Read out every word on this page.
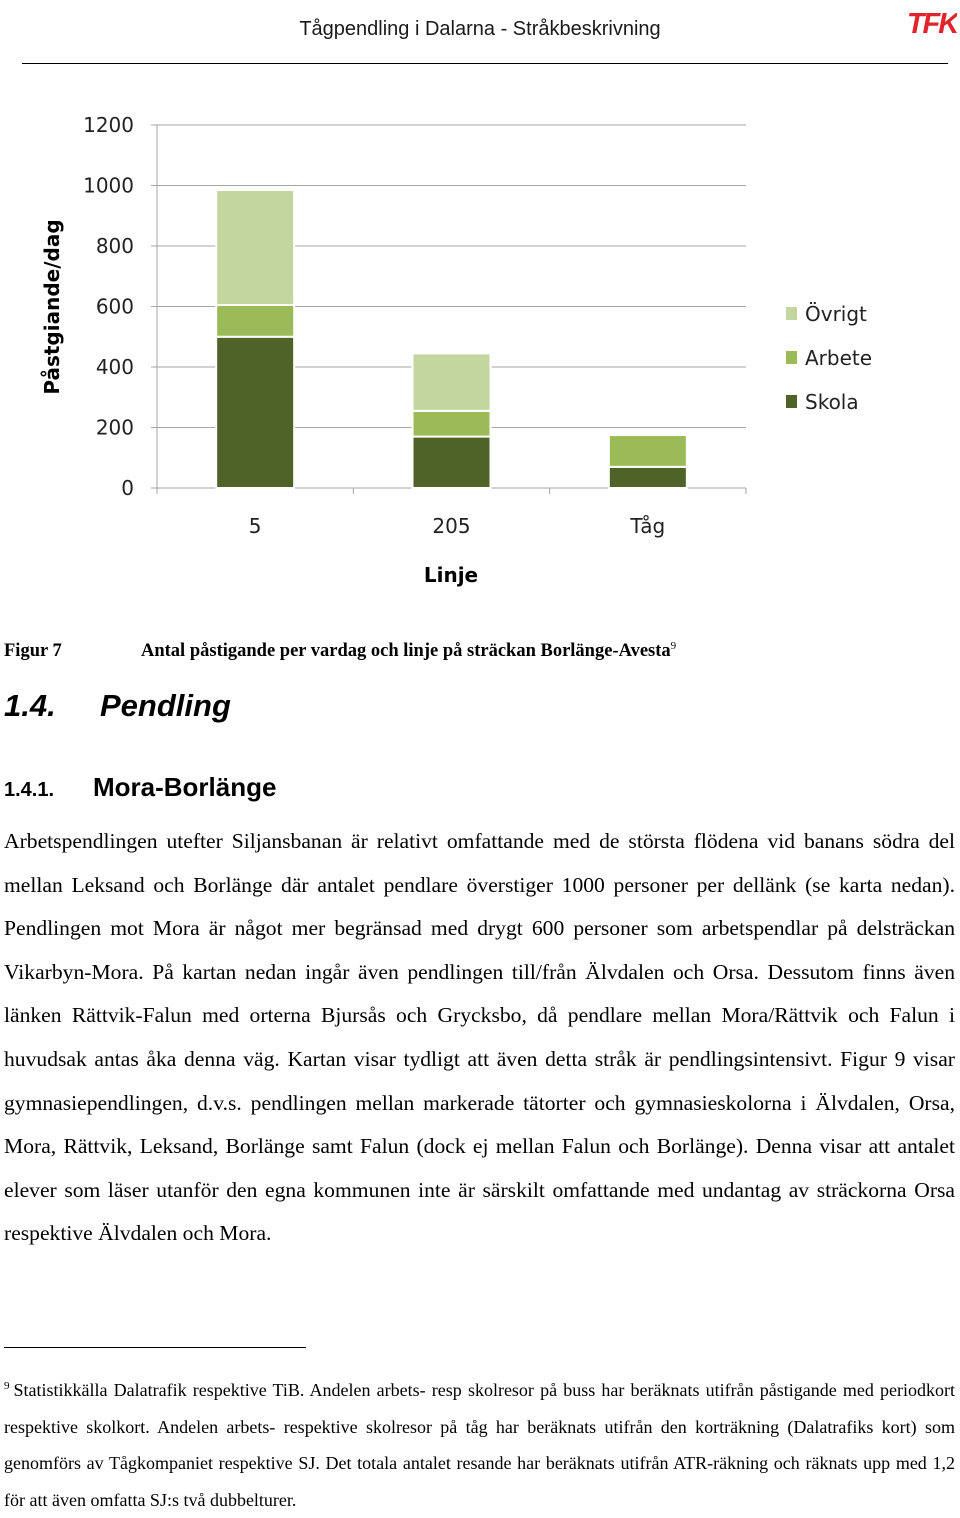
Tågpendling i Dalarna - Stråkbeskrivning	TFK
0
200
400
600
800
1000
1200
5	205	Tåg
Övrigt
Arbete
Skola
Påstgiande/dag
Linje
Figur 7	Antal påstigande per vardag och linje på sträckan Borlänge-Avesta$^9$
1.4. Pendling
1.4.1. Mora-Borlänge

Arbetspendlingen utefter Siljansbanan är relativt omfattande med de största flödena vid banans södra del mellan Leksand och Borlänge där antalet pendlare överstiger 1000 personer per dellänk (se karta nedan). Pendlingen mot Mora är något mer begränsad med drygt 600 personer som arbetspendlar på delsträckan Vikarbyn-Mora. På kartan nedan ingår även pendlingen till/från Älvdalen och Orsa. Dessutom finns även länken Rättvik-Falun med orterna Bjursås och Grycksbo, då pendlare mellan Mora/Rättvik och Falun i huvudsak antas åka denna väg. Kartan visar tydligt att även detta stråk är pendlingsintensivt. Figur 9 visar gymnasiependlingen, d.v.s. pendlingen mellan markerade tätorter och gymnasieskolorna i Älvdalen, Orsa, Mora, Rättvik, Leksand, Borlänge samt Falun (dock ej mellan Falun och Borlänge). Denna visar att antalet elever som läser utanför den egna kommunen inte är särskilt omfattande med undantag av sträckorna Orsa respektive Älvdalen och Mora.

$^9$ Statistikkälla Dalatrafik respektive TiB. Andelen arbets- resp skolresor på buss har beräknats utifrån påstigande med periodkort respektive skolkort. Andelen arbets- respektive skolresor på tåg har beräknats utifrån den korträkning (Dalatrafiks kort) som genomförs av Tågkompaniet respektive SJ. Det totala antalet resande har beräknats utifrån ATR-räkning och räknats upp med 1,2 för att även omfatta SJ:s två dubbelturer.
